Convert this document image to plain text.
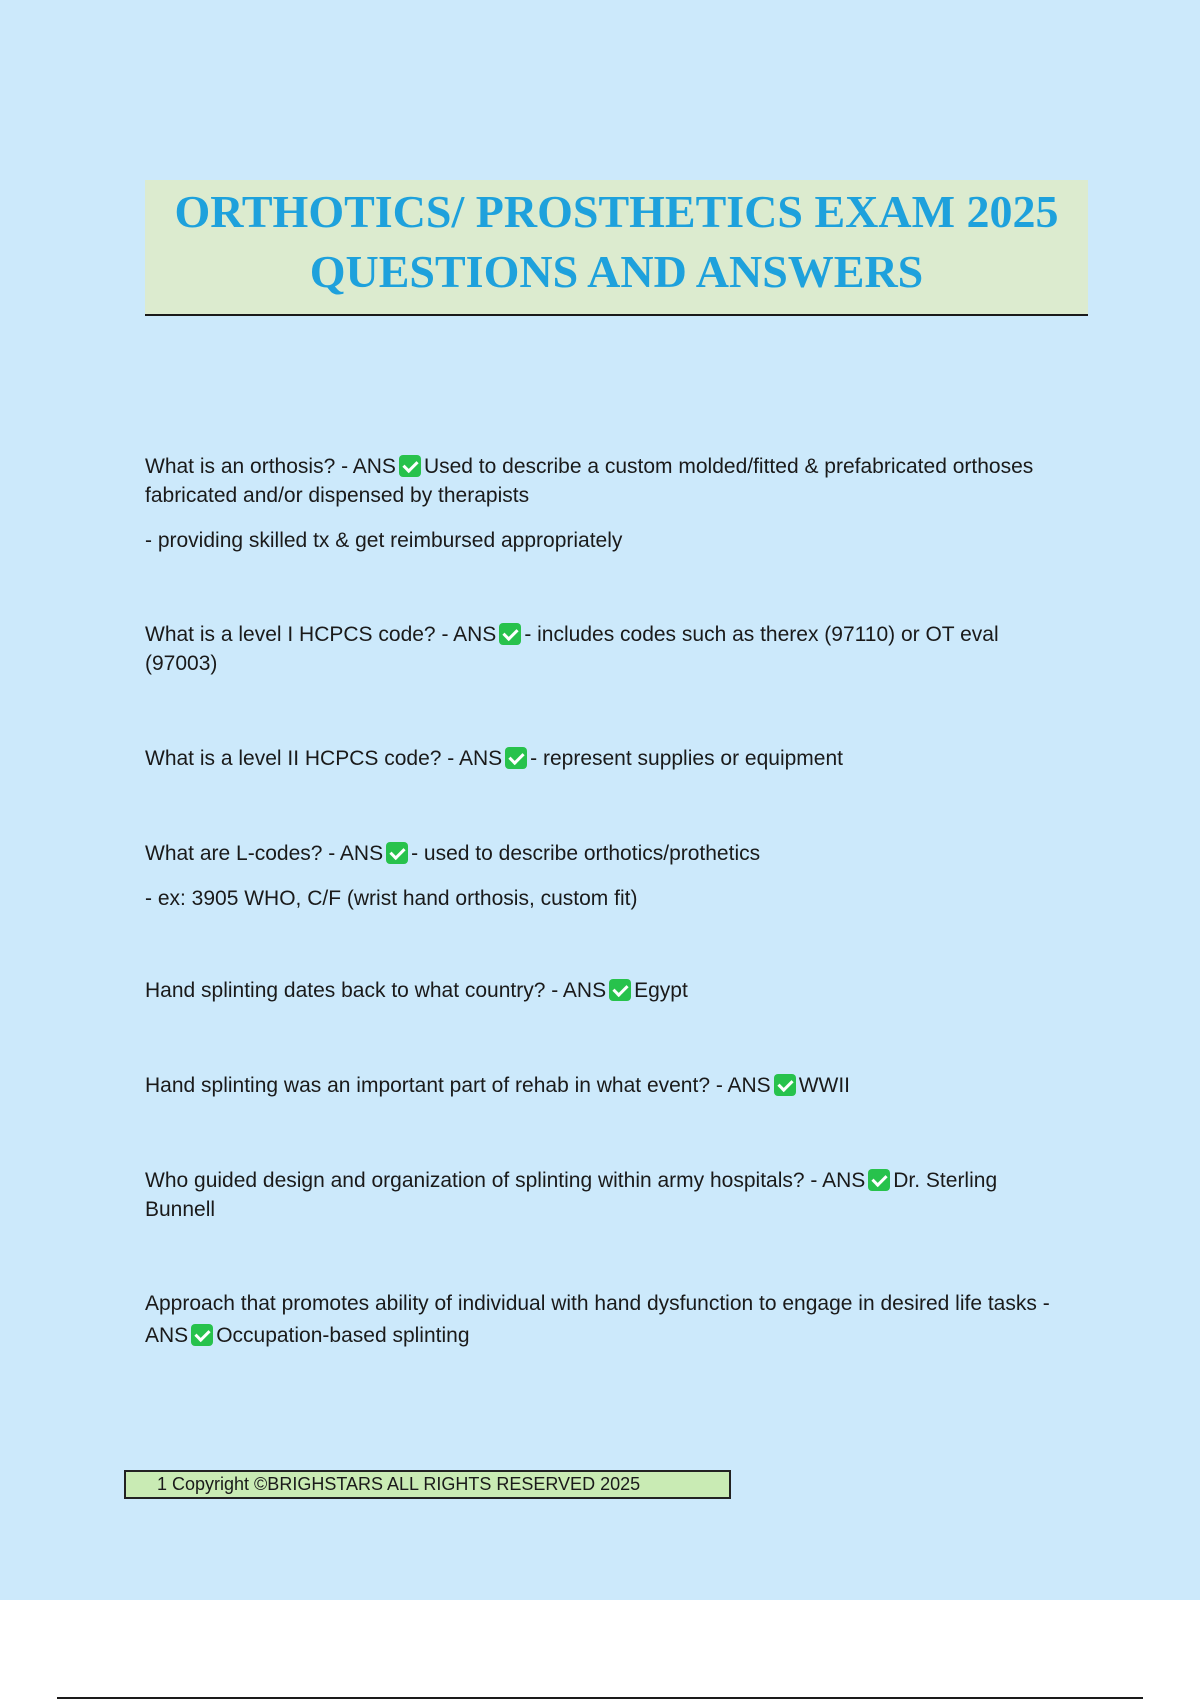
ORTHOTICS/ PROSTHETICS EXAM 2025
QUESTIONS AND ANSWERS

What is an orthosis? - ANS Used to describe a custom molded/fitted & prefabricated orthoses fabricated and/or dispensed by therapists

- providing skilled tx & get reimbursed appropriately

What is a level I HCPCS code? - ANS - includes codes such as therex (97110) or OT eval (97003)

What is a level II HCPCS code? - ANS - represent supplies or equipment

What are L-codes? - ANS - used to describe orthotics/prothetics

- ex: 3905 WHO, C/F (wrist hand orthosis, custom fit)

Hand splinting dates back to what country? - ANS Egypt

Hand splinting was an important part of rehab in what event? - ANS WWII

Who guided design and organization of splinting within army hospitals? - ANS Dr. Sterling Bunnell

Approach that promotes ability of individual with hand dysfunction to engage in desired life tasks - ANS Occupation-based splinting

1 Copyright ©BRIGHSTARS ALL RIGHTS RESERVED 2025
